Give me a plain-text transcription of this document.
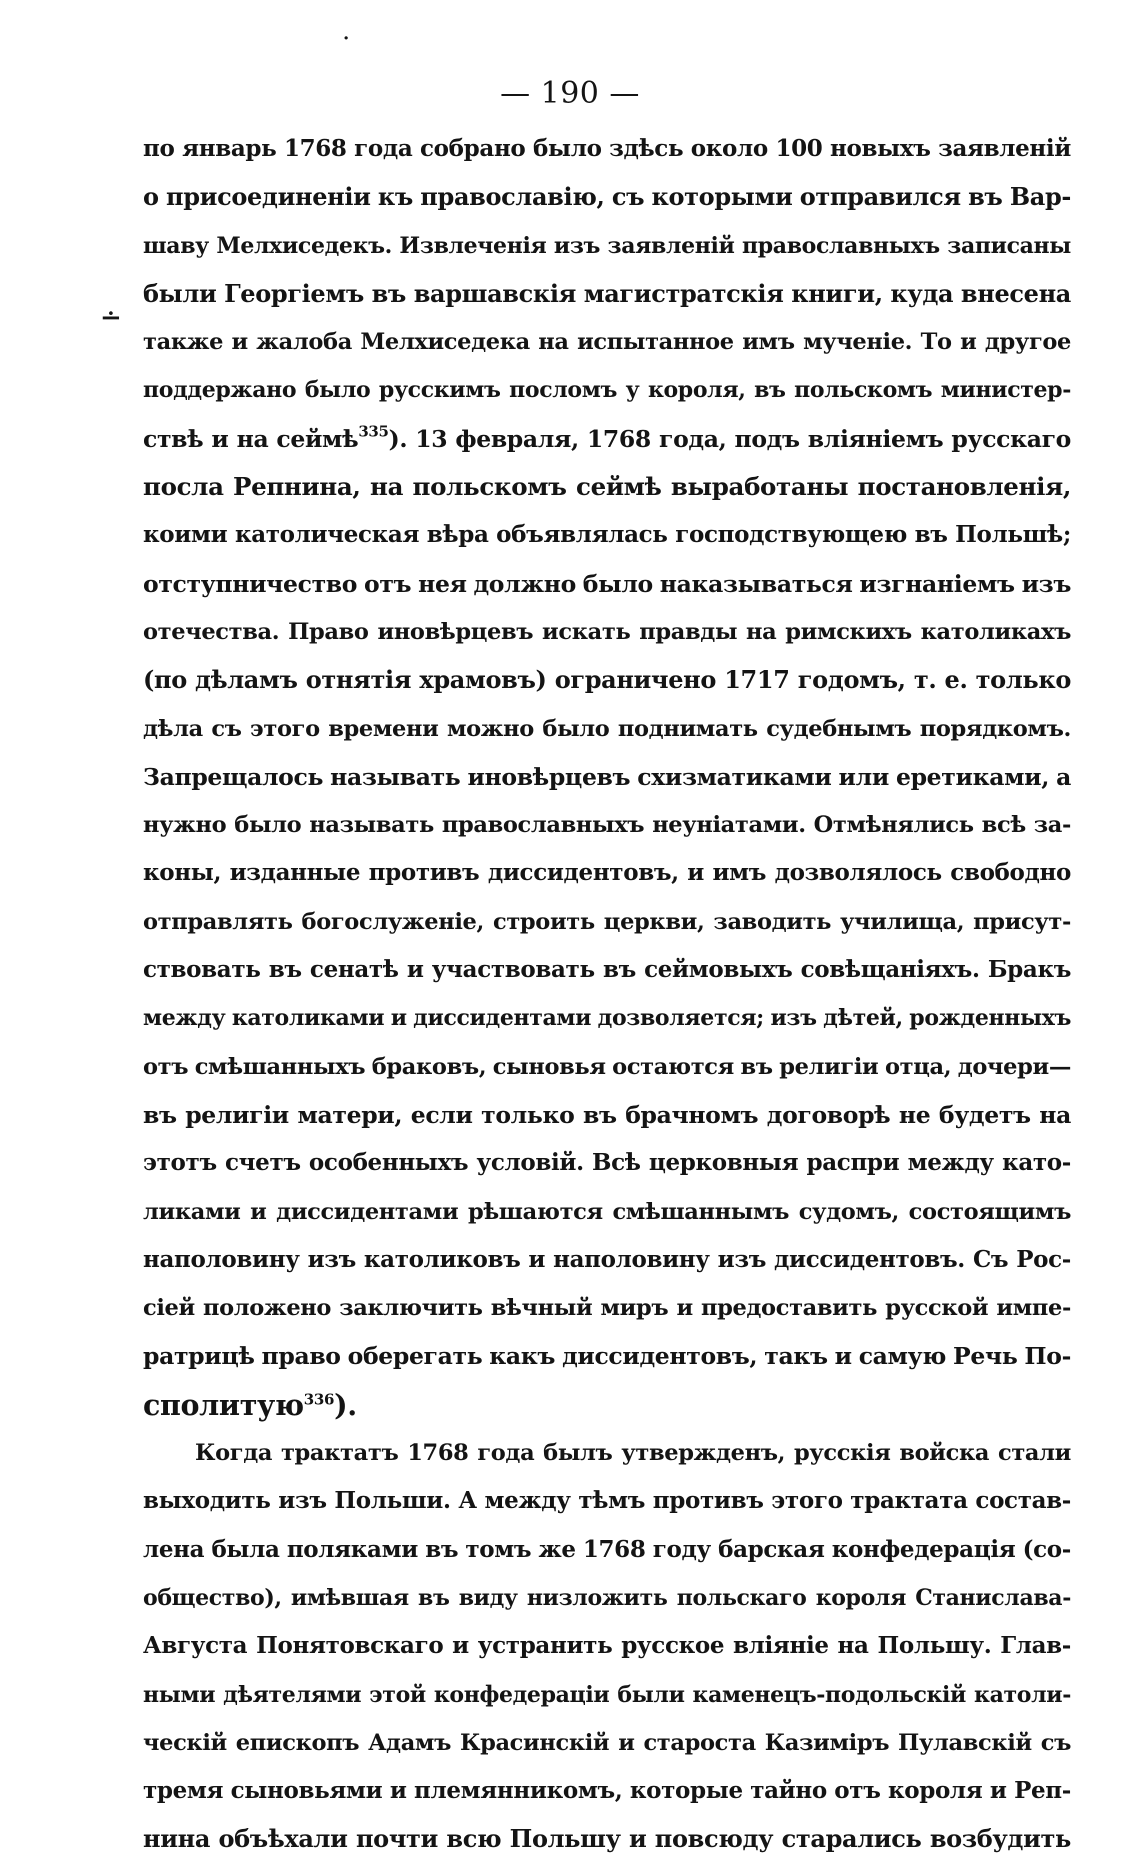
·
∸
— 190 —
по январь 1768 года собрано было здѣсь около 100 новыхъ заявленій
о присоединеніи къ православію, съ которыми отправился въ Вар-
шаву Мелхиседекъ. Извлеченія изъ заявленій православныхъ записаны
были Георгіемъ въ варшавскія магистратскія книги, куда внесена
также и жалоба Мелхиседека на испытанное имъ мученіе. То и другое
поддержано было русскимъ посломъ у короля, въ польскомъ министер-
ствѣ и на сеймѣ$^{335}$). 13 февраля, 1768 года, подъ вліяніемъ русскаго
посла Репнина, на польскомъ сеймѣ выработаны постановленія,
коими католическая вѣра объявлялась господствующею въ Польшѣ;
отступничество отъ нея должно было наказываться изгнаніемъ изъ
отечества. Право иновѣрцевъ искать правды на римскихъ католикахъ
(по дѣламъ отнятія храмовъ) ограничено 1717 годомъ, т. е. только
дѣла съ этого времени можно было поднимать судебнымъ порядкомъ.
Запрещалось называть иновѣрцевъ схизматиками или еретиками, а
нужно было называть православныхъ неуніатами. Отмѣнялись всѣ за-
коны, изданные противъ диссидентовъ, и имъ дозволялось свободно
отправлять богослуженіе, строить церкви, заводить училища, присут-
ствовать въ сенатѣ и участвовать въ сеймовыхъ совѣщаніяхъ. Бракъ
между католиками и диссидентами дозволяется; изъ дѣтей, рожденныхъ
отъ смѣшанныхъ браковъ, сыновья остаются въ религіи отца, дочери—
въ религіи матери, если только въ брачномъ договорѣ не будетъ на
этотъ счетъ особенныхъ условій. Всѣ церковныя распри между като-
ликами и диссидентами рѣшаются смѣшаннымъ судомъ, состоящимъ
наполовину изъ католиковъ и наполовину изъ диссидентовъ. Съ Рос-
сіей положено заключить вѣчный миръ и предоставить русской импе-
ратрицѣ право оберегать какъ диссидентовъ, такъ и самую Речь По-
сполитую$^{336}$).
Когда трактатъ 1768 года былъ утвержденъ, русскія войска стали
выходить изъ Польши. А между тѣмъ противъ этого трактата состав-
лена была поляками въ томъ же 1768 году барская конфедерація (со-
общество), имѣвшая въ виду низложить польскаго короля Станислава-
Августа Понятовскаго и устранить русское вліяніе на Польшу. Глав-
ными дѣятелями этой конфедераціи были каменецъ-подольскій католи-
ческій епископъ Адамъ Красинскій и староста Казиміръ Пулавскій съ
тремя сыновьями и племянникомъ, которые тайно отъ короля и Реп-
нина объѣхали почти всю Польшу и повсюду старались возбудить
